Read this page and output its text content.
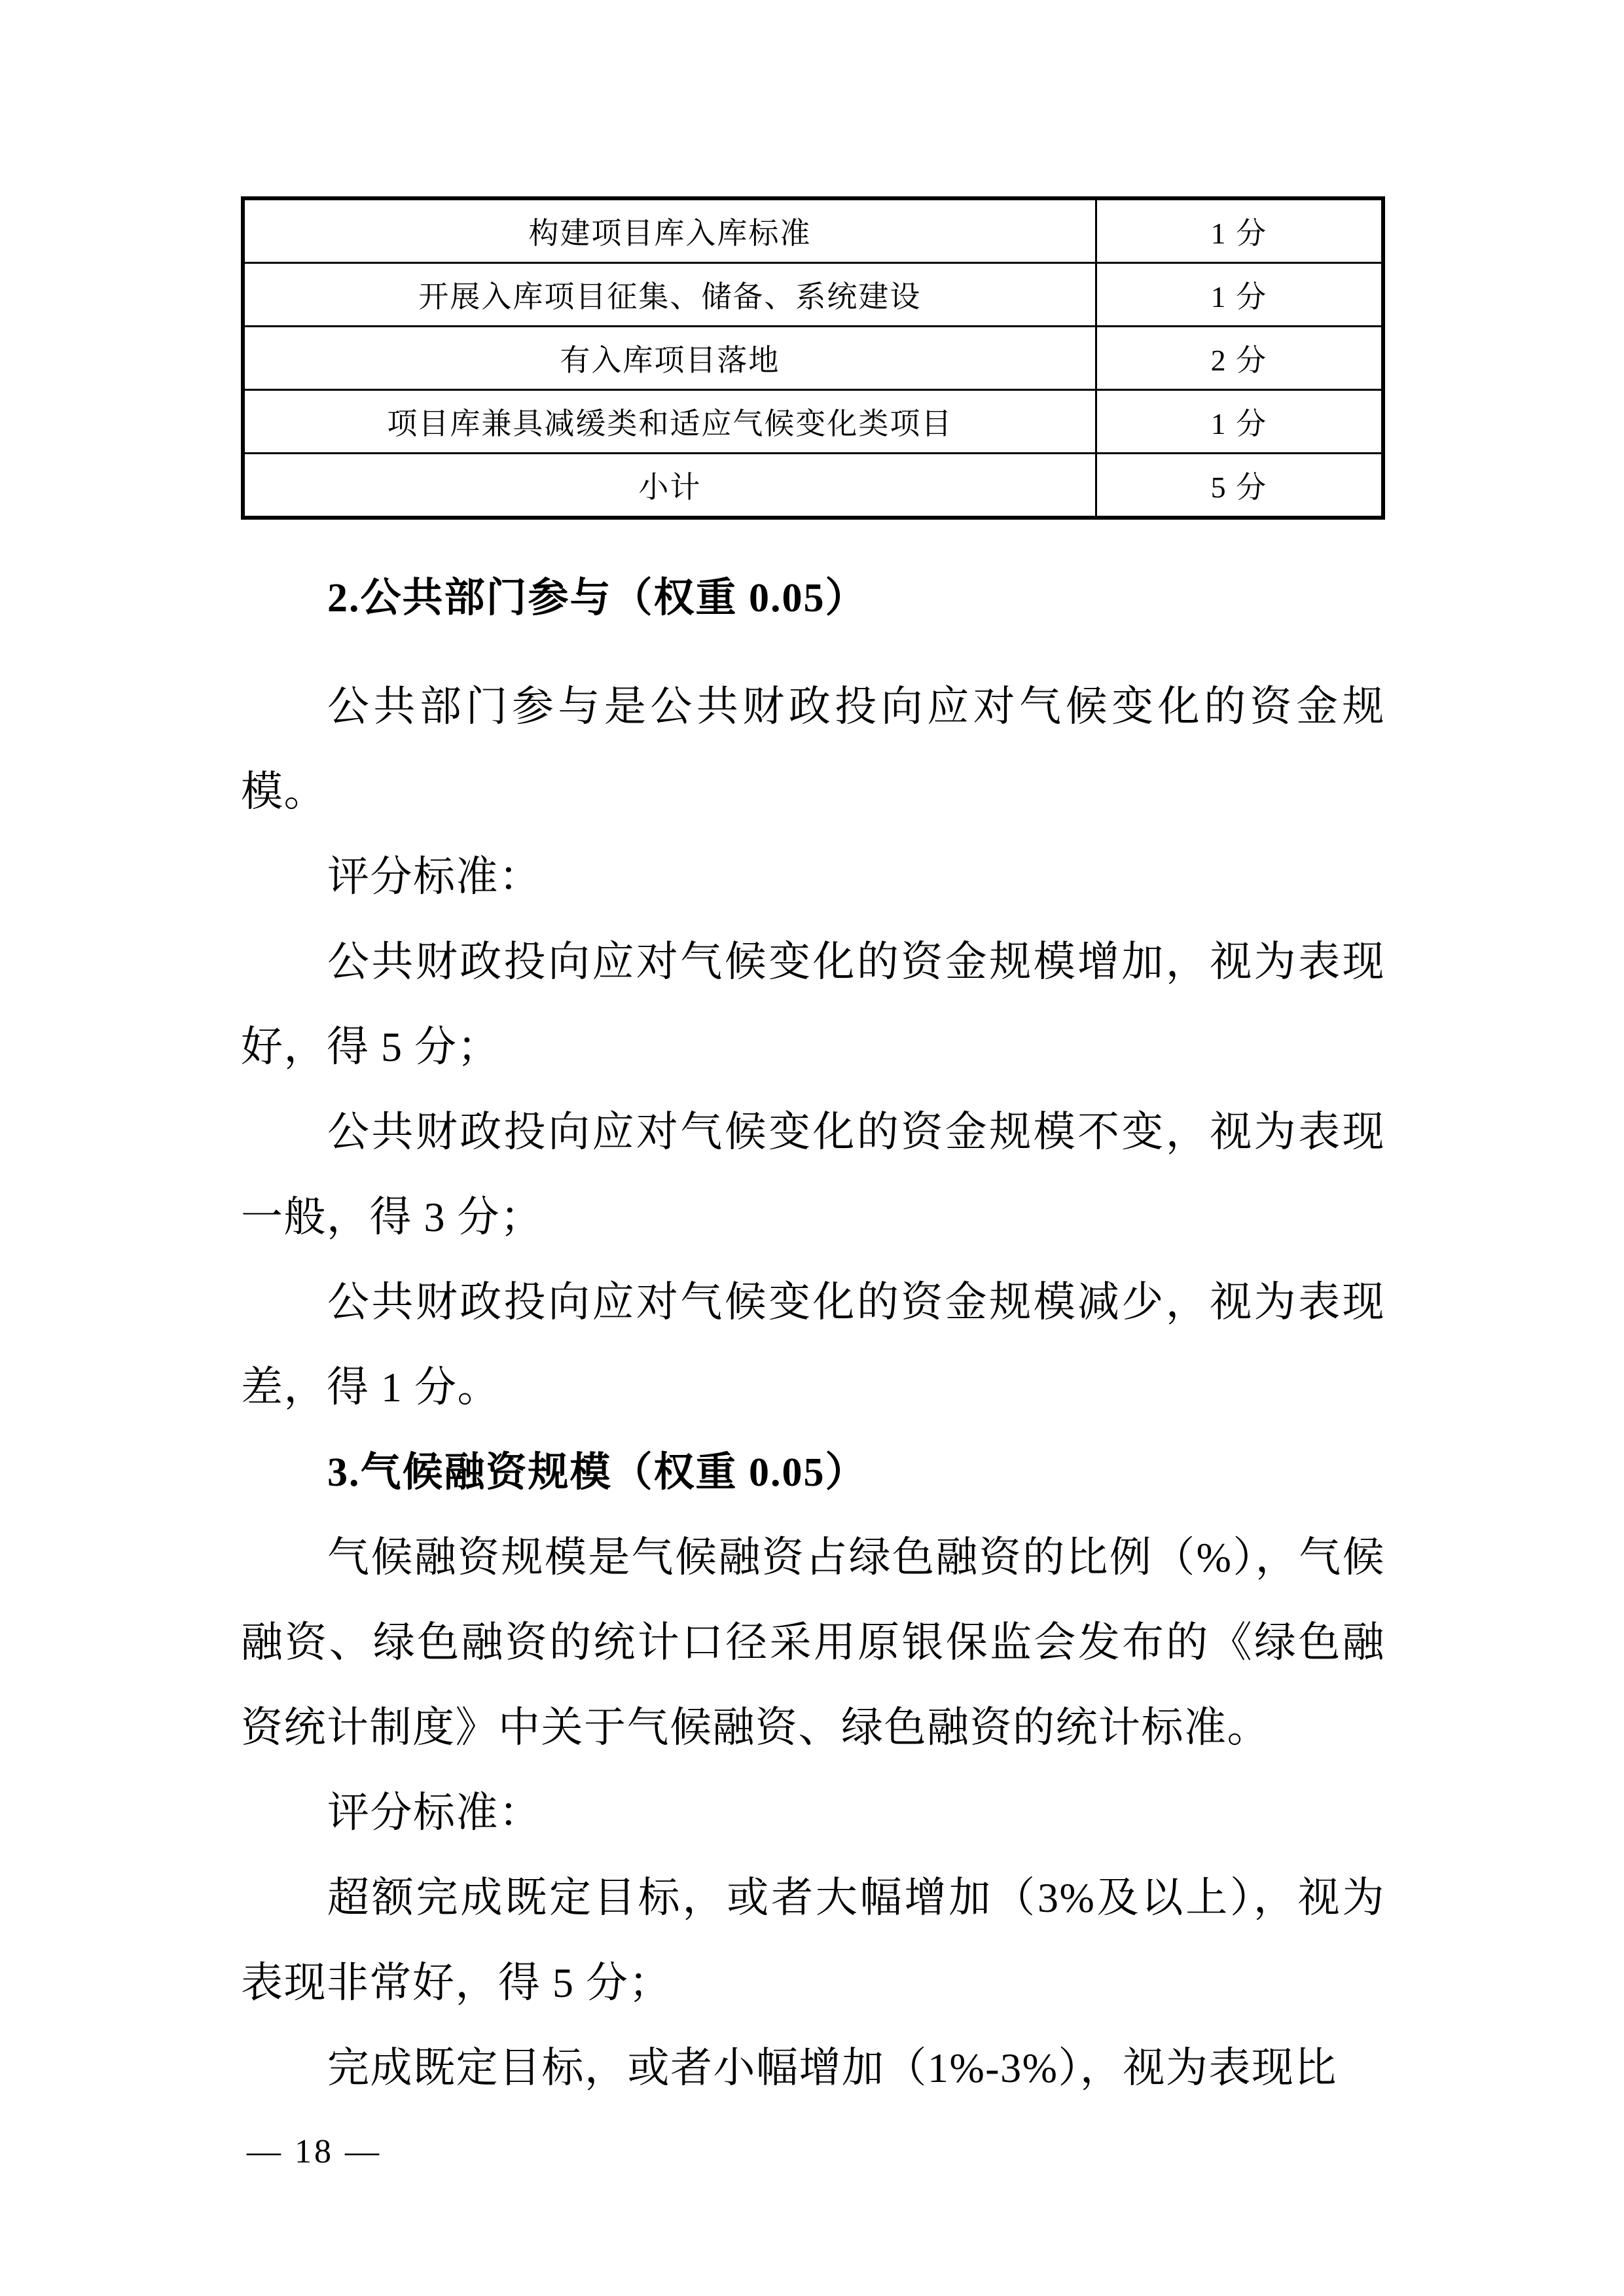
构建项目库入库标准	1 分
开展入库项目征集、储备、系统建设	1 分
有入库项目落地	2 分
项目库兼具减缓类和适应气候变化类项目	1 分
小计	5 分
2.公共部门参与（权重 0.05）

公共部门参与是公共财政投向应对气候变化的资金规模。

评分标准：

公共财政投向应对气候变化的资金规模增加，视为表现好，得 5 分；

公共财政投向应对气候变化的资金规模不变，视为表现一般，得 3 分；

公共财政投向应对气候变化的资金规模减少，视为表现差，得 1 分。

3.气候融资规模（权重 0.05）

气候融资规模是气候融资占绿色融资的比例（%），气候融资、绿色融资的统计口径采用原银保监会发布的《绿色融资统计制度》中关于气候融资、绿色融资的统计标准。

评分标准：

超额完成既定目标，或者大幅增加（3%及以上），视为表现非常好，得 5 分；

完成既定目标，或者小幅增加（1%-3%），视为表现比

— 18 —
